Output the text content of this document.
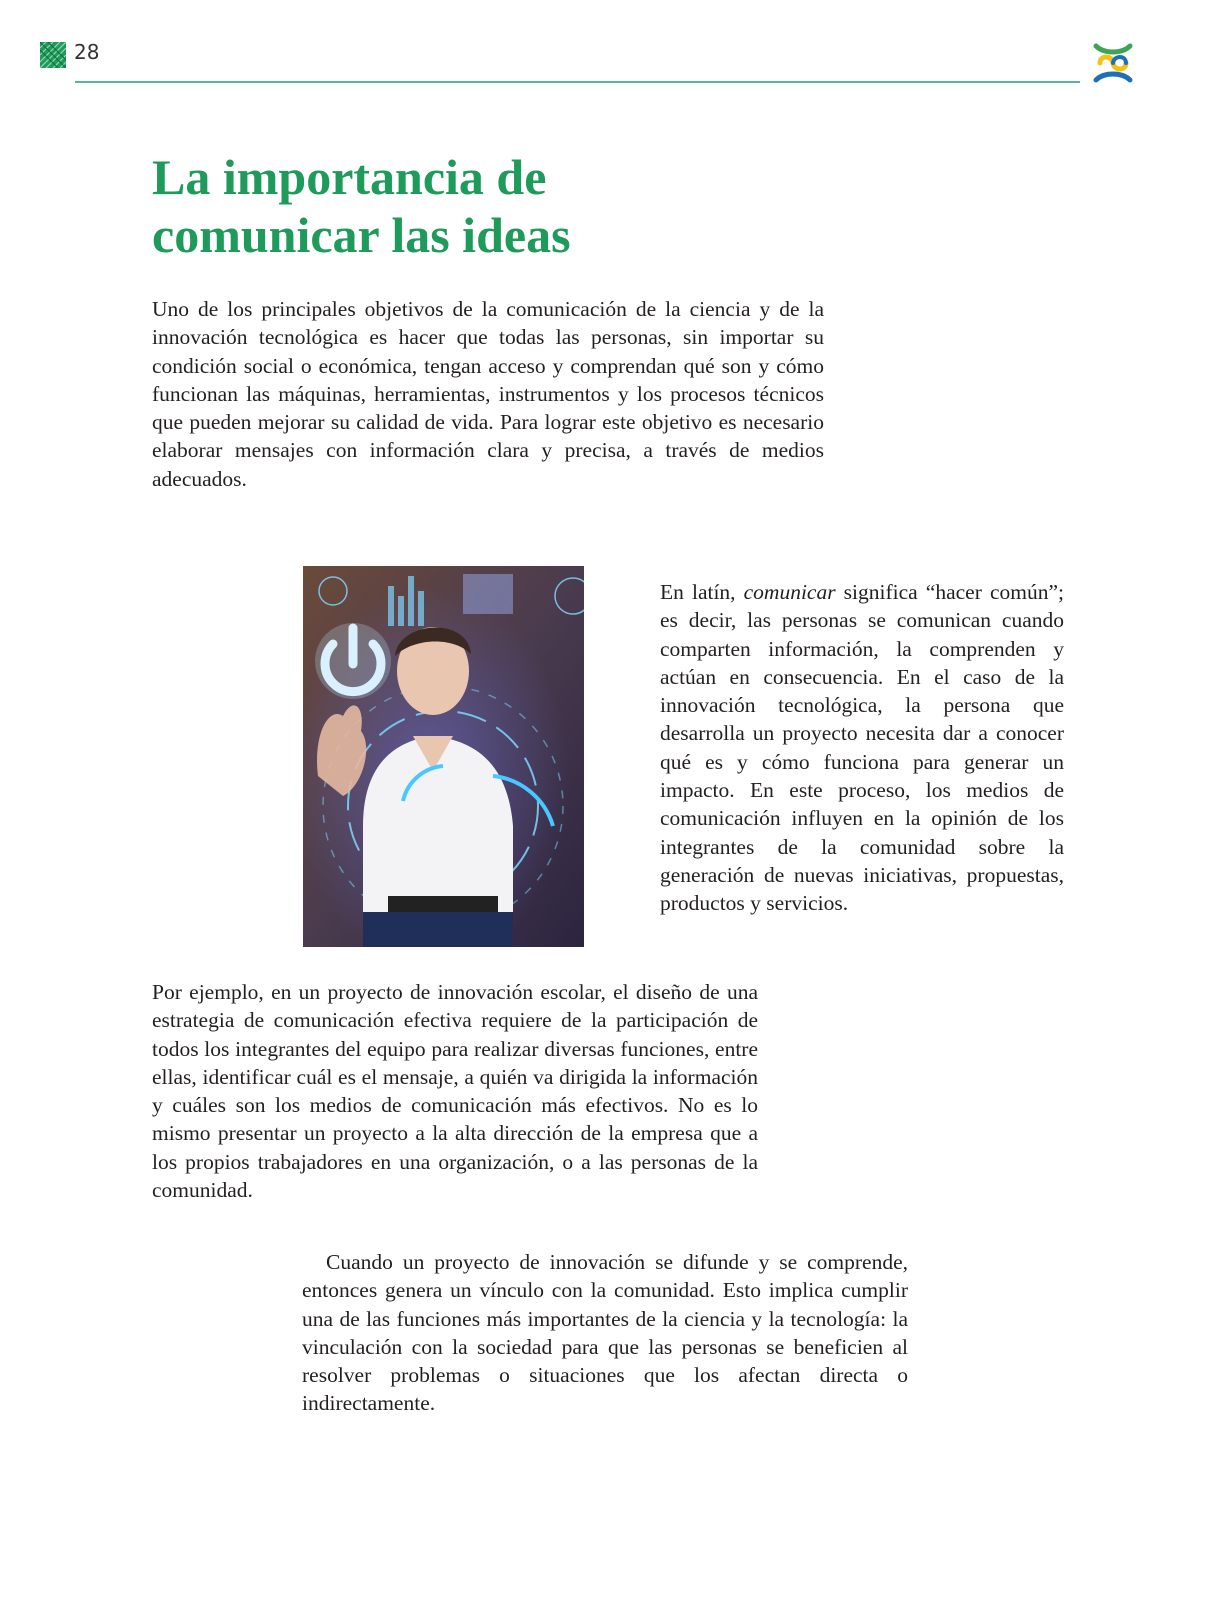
28
La importancia de
comunicar las ideas

Uno de los principales objetivos de la comunicación de la ciencia y de la innovación tecnológica es hacer que todas las personas, sin importar su condición social o económica, tengan acceso y comprendan qué son y cómo funcionan las máquinas, herramientas, instrumentos y los procesos técnicos que pueden mejorar su calidad de vida. Para lograr este objetivo es necesario elaborar mensajes con información clara y precisa, a través de medios adecuados.

En latín, comunicar significa “hacer común”; es decir, las personas se comunican cuando comparten información, la comprenden y actúan en consecuencia. En el caso de la innovación tecnológica, la persona que desarrolla un proyecto necesita dar a conocer qué es y cómo funciona para generar un impacto. En este proceso, los medios de comunicación influyen en la opinión de los integrantes de la comunidad sobre la generación de nuevas iniciativas, propuestas, productos y servicios.

Por ejemplo, en un proyecto de innovación escolar, el diseño de una estrategia de comunicación efectiva requiere de la participación de todos los integrantes del equipo para realizar diversas funciones, entre ellas, identificar cuál es el mensaje, a quién va dirigida la información y cuáles son los medios de comunicación más efectivos. No es lo mismo presentar un proyecto a la alta dirección de la empresa que a los propios trabajadores en una organización, o a las personas de la comunidad.

Cuando un proyecto de innovación se difunde y se comprende, entonces genera un vínculo con la comunidad. Esto implica cumplir una de las funciones más importantes de la ciencia y la tecnología: la vinculación con la sociedad para que las personas se beneficien al resolver problemas o situaciones que los afectan directa o indirectamente.
